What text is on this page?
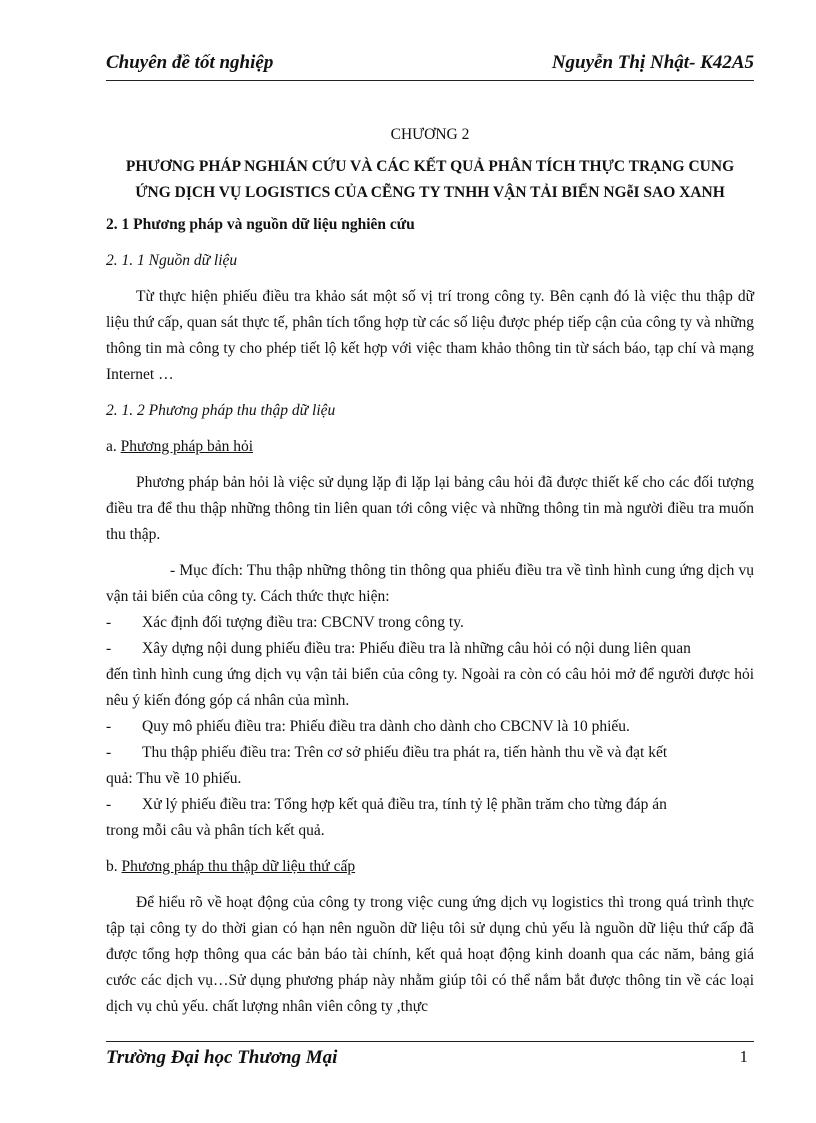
Chuyên đề tốt nghiệp	Nguyễn Thị Nhật- K42A5
CHƯƠNG 2
PHƯƠNG PHÁP NGHIÁN CỨU VÀ CÁC KẾT QUẢ PHÂN TÍCH THỰC TRẠNG CUNG ỨNG DỊCH VỤ LOGISTICS CỦA CẼNG TY TNHH VẬN TẢI BIỂN NGễI SAO XANH
2. 1 Phương pháp và nguồn dữ liệu nghiên cứu
2. 1. 1 Nguồn dữ liệu
Từ thực hiện phiếu điều tra khảo sát một số vị trí trong công ty. Bên cạnh đó là việc thu thập dữ liệu thứ cấp, quan sát thực tế, phân tích tổng hợp từ các số liệu được phép tiếp cận của công ty và những thông tin mà công ty cho phép tiết lộ kết hợp với việc tham khảo thông tin từ sách báo, tạp chí và mạng Internet …
2. 1. 2 Phương pháp thu thập dữ liệu
a. Phương pháp bản hỏi
Phương pháp bản hỏi là việc sử dụng lặp đi lặp lại bảng câu hỏi đã được thiết kế cho các đối tượng điều tra để thu thập những thông tin liên quan tới công việc và những thông tin mà người điều tra muốn thu thập.
- Mục đích: Thu thập những thông tin thông qua phiếu điều tra về tình hình cung ứng dịch vụ vận tải biển của công ty. Cách thức thực hiện:
-	Xác định đối tượng điều tra: CBCNV trong công ty.
-	Xây dựng nội dung phiếu điều tra: Phiếu điều tra là những câu hỏi có nội dung liên quan
đến tình hình cung ứng dịch vụ vận tải biển của công ty. Ngoài ra còn có câu hỏi mở để người được hỏi nêu ý kiến đóng góp cá nhân của mình.
-	Quy mô phiếu điều tra: Phiếu điều tra dành cho dành cho CBCNV là 10 phiếu.
-	Thu thập phiếu điều tra: Trên cơ sở phiếu điều tra phát ra, tiến hành thu về và đạt kết
quả: Thu về 10 phiếu.
-	Xử lý phiếu điều tra: Tổng hợp kết quả điều tra, tính tỷ lệ phần trăm cho từng đáp án
trong mỗi câu và phân tích kết quả.
b. Phương pháp thu thập dữ liệu thứ cấp
Để hiểu rõ về hoạt động của công ty trong việc cung ứng dịch vụ logistics thì trong quá trình thực tập tại công ty do thời gian có hạn nên nguồn dữ liệu tôi sử dụng chủ yếu là nguồn dữ liệu thứ cấp đã được tổng hợp thông qua các bản báo tài chính, kết quả hoạt động kinh doanh qua các năm, bảng giá cước các dịch vụ…Sử dụng phương pháp này nhằm giúp tôi có thể nắm bắt được thông tin về các loại dịch vụ chủ yếu. chất lượng nhân viên công ty ,thực
Trường Đại học Thương Mại	1
